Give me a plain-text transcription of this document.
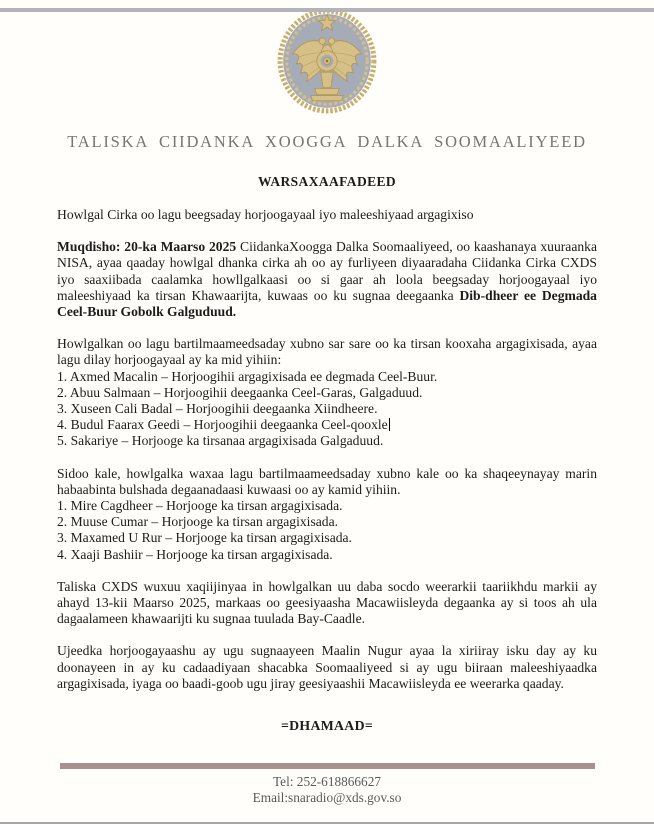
TALISKA CIIDANKA XOOGGA DALKA SOOMAALIYEED
WARSAXAAFADEED

Howlgal Cirka oo lagu beegsaday horjoogayaal iyo maleeshiyaad argagixiso

Muqdisho: 20-ka Maarso 2025 CiidankaXoogga Dalka Soomaaliyeed, oo kaashanaya xuuraanka NISA, ayaa qaaday howlgal dhanka cirka ah oo ay furliyeen diyaaradaha Ciidanka Cirka CXDS iyo saaxiibada caalamka howllgalkaasi oo si gaar ah loola beegsaday horjoogayaal iyo maleeshiyaad ka tirsan Khawaarijta, kuwaas oo ku sugnaa deegaanka Dib-dheer ee Degmada Ceel-Buur Gobolk Galguduud.

Howlgalkan oo lagu bartilmaameedsaday xubno sar sare oo ka tirsan kooxaha argagixisada, ayaa lagu dilay horjoogayaal ay ka mid yihiin:

1. Axmed Macalin – Horjoogihii argagixisada ee degmada Ceel-Buur.
2. Abuu Salmaan – Horjoogihii deegaanka Ceel-Garas, Galgaduud.
3. Xuseen Cali Badal – Horjoogihii deegaanka Xiindheere.
4. Budul Faarax Geedi – Horjoogihii deegaanka Ceel-qooxle
5. Sakariye – Horjooge ka tirsanaa argagixisada Galgaduud.

Sidoo kale, howlgalka waxaa lagu bartilmaameedsaday xubno kale oo ka shaqeeynayay marin habaabinta bulshada degaanadaasi kuwaasi oo ay kamid yihiin.

1. Mire Cagdheer – Horjooge ka tirsan argagixisada.
2. Muuse Cumar – Horjooge ka tirsan argagixisada.
3. Maxamed U Rur – Horjooge ka tirsan argagixisada.
4. Xaaji Bashiir – Horjooge ka tirsan argagixisada.

Taliska CXDS wuxuu xaqiijinyaa in howlgalkan uu daba socdo weerarkii taariikhdu markii ay ahayd 13-kii Maarso 2025, markaas oo geesiyaasha Macawiisleyda degaanka ay si toos ah ula dagaalameen khawaarijti ku sugnaa tuulada Bay-Caadle.

Ujeedka horjoogayaashu ay ugu sugnaayeen Maalin Nugur ayaa la xiriiray isku day ay ku doonayeen in ay ku cadaadiyaan shacabka Soomaaliyeed si ay ugu biiraan maleeshiyaadka argagixisada, iyaga oo baadi-goob ugu jiray geesiyaashii Macawiisleyda ee weerarka qaaday.

=DHAMAAD=

Tel: 252-618866627
Email:snaradio@xds.gov.so
